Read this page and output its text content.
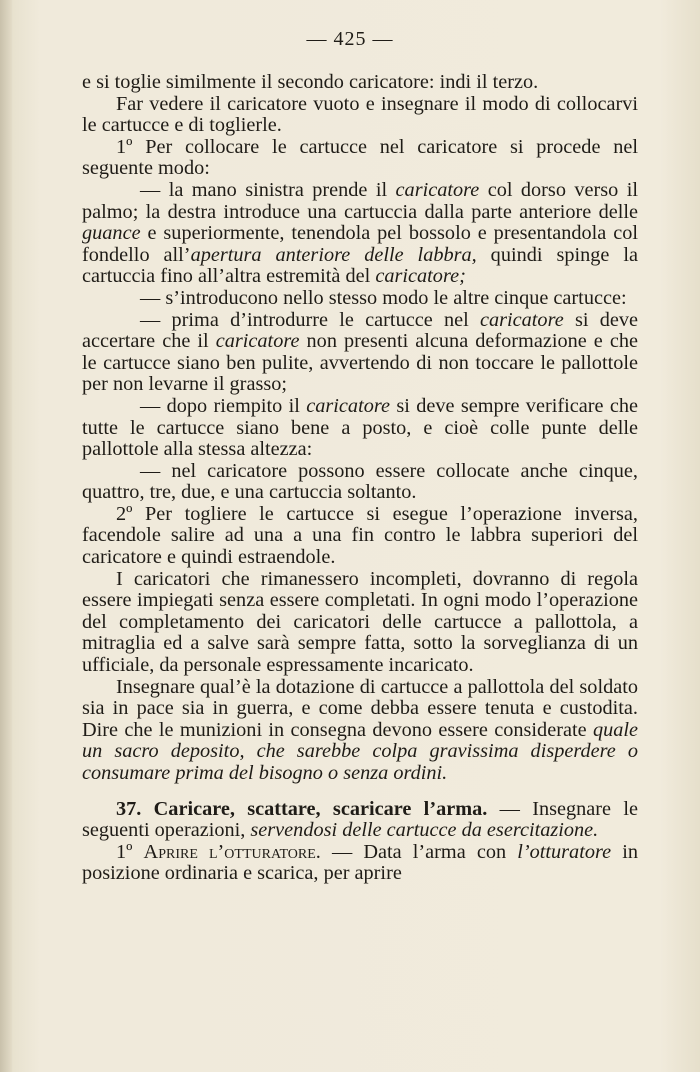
— 425 —

e si toglie similmente il secondo caricatore: indi il terzo.

Far vedere il caricatore vuoto e insegnare il modo di collocarvi le cartucce e di toglierle.

1º Per collocare le cartucce nel caricatore si procede nel seguente modo:

— la mano sinistra prende il caricatore col dorso verso il palmo; la destra introduce una cartuccia dalla parte anteriore delle guance e superiormente, tenendola pel bossolo e presentandola col fondello all’apertura anteriore delle labbra, quindi spinge la cartuccia fino all’altra estremità del caricatore;

— s’introducono nello stesso modo le altre cinque cartucce:

— prima d’introdurre le cartucce nel caricatore si deve accertare che il caricatore non presenti alcuna deformazione e che le cartucce siano ben pulite, avvertendo di non toccare le pallottole per non levarne il grasso;

— dopo riempito il caricatore si deve sempre verificare che tutte le cartucce siano bene a posto, e cioè colle punte delle pallottole alla stessa altezza:

— nel caricatore possono essere collocate anche cinque, quattro, tre, due, e una cartuccia soltanto.

2º Per togliere le cartucce si esegue l’operazione inversa, facendole salire ad una a una fin contro le labbra superiori del caricatore e quindi estraendole.

I caricatori che rimanessero incompleti, dovranno di regola essere impiegati senza essere completati. In ogni modo l’operazione del completamento dei caricatori delle cartucce a pallottola, a mitraglia ed a salve sarà sempre fatta, sotto la sorveglianza di un ufficiale, da personale espressamente incaricato.

Insegnare qual’è la dotazione di cartucce a pallottola del soldato sia in pace sia in guerra, e come debba essere tenuta e custodita. Dire che le munizioni in consegna devono essere considerate quale un sacro deposito, che sarebbe colpa gravissima disperdere o consumare prima del bisogno o senza ordini.

37. Caricare, scattare, scaricare l’arma. — Insegnare le seguenti operazioni, servendosi delle cartucce da esercitazione.

1º Aprire l’otturatore. — Data l’arma con l’otturatore in posizione ordinaria e scarica, per aprire
